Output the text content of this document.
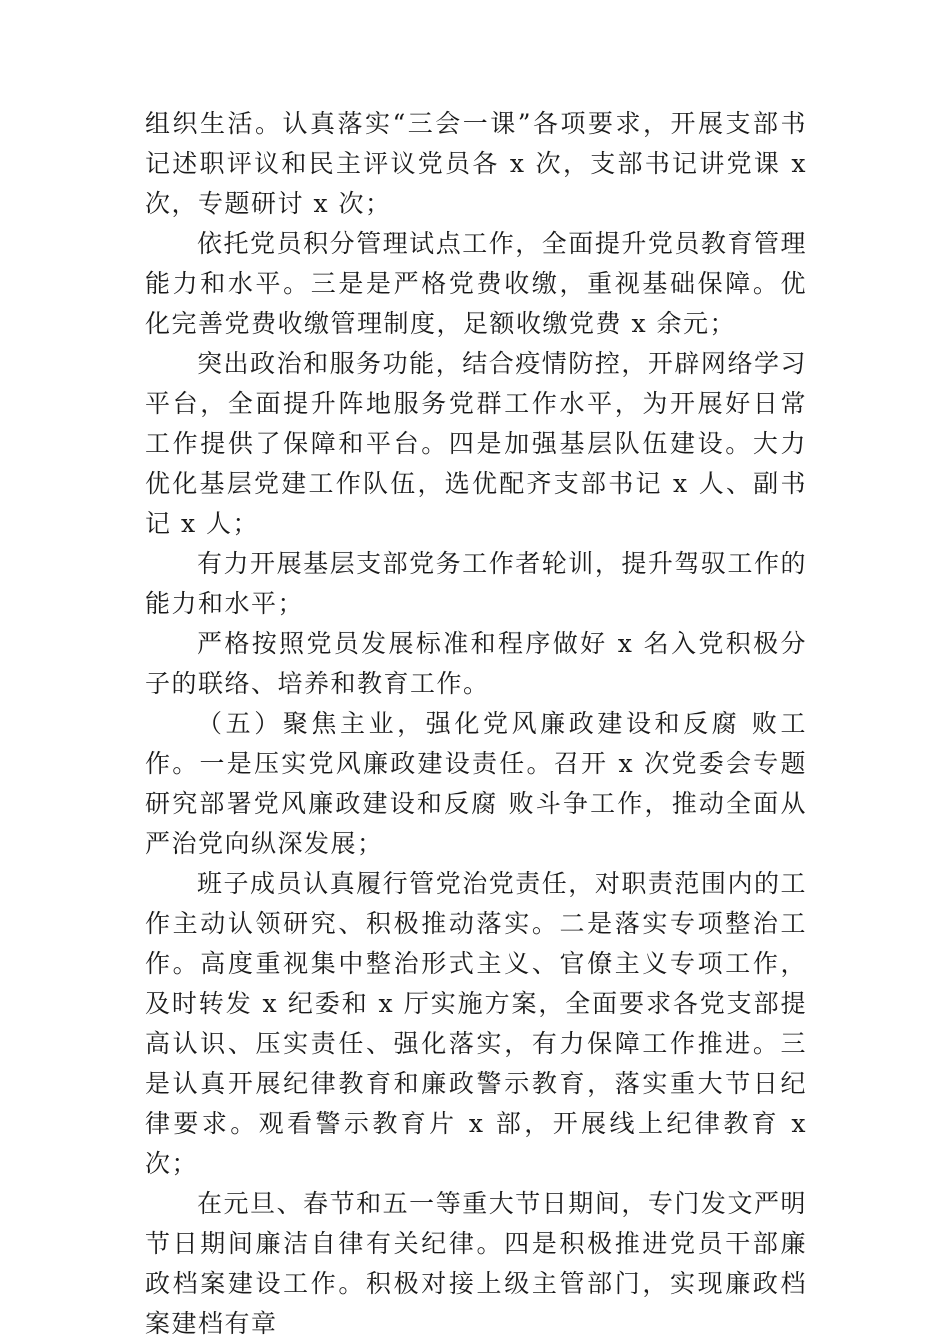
组织生活。认真落实“三会一课”各项要求，开展支部书记述职评议和民主评议党员各 x 次，支部书记讲党课 x 次，专题研讨 x 次；

依托党员积分管理试点工作，全面提升党员教育管理能力和水平。三是是严格党费收缴，重视基础保障。优化完善党费收缴管理制度，足额收缴党费 x 余元；

突出政治和服务功能，结合疫情防控，开辟网络学习平台，全面提升阵地服务党群工作水平，为开展好日常工作提供了保障和平台。四是加强基层队伍建设。大力优化基层党建工作队伍，选优配齐支部书记 x 人、副书记 x 人；

有力开展基层支部党务工作者轮训，提升驾驭工作的能力和水平；

严格按照党员发展标准和程序做好 x 名入党积极分子的联络、培养和教育工作。

（五）聚焦主业，强化党风廉政建设和反腐 败工作。一是压实党风廉政建设责任。召开 x 次党委会专题研究部署党风廉政建设和反腐 败斗争工作，推动全面从严治党向纵深发展；

班子成员认真履行管党治党责任，对职责范围内的工作主动认领研究、积极推动落实。二是落实专项整治工作。高度重视集中整治形式主义、官僚主义专项工作，及时转发 x 纪委和 x 厅实施方案，全面要求各党支部提高认识、压实责任、强化落实，有力保障工作推进。三是认真开展纪律教育和廉政警示教育，落实重大节日纪律要求。观看警示教育片 x 部，开展线上纪律教育 x 次；

在元旦、春节和五一等重大节日期间，专门发文严明节日期间廉洁自律有关纪律。四是积极推进党员干部廉政档案建设工作。积极对接上级主管部门，实现廉政档案建档有章
